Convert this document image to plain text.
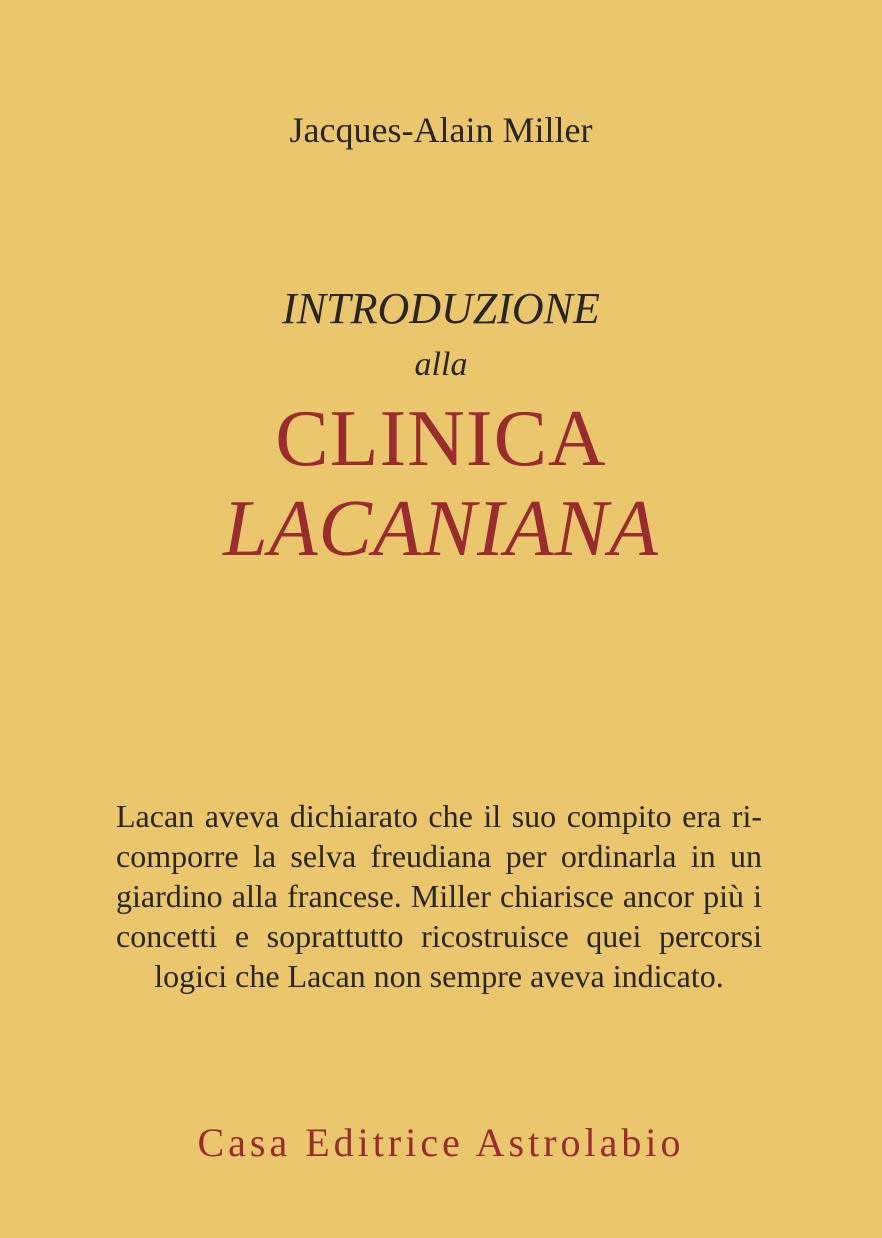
Jacques-Alain Miller
INTRODUZIONE
alla
CLINICA
LACANIANA
Lacan aveva dichiarato che il suo compito era ri-
comporre la selva freudiana per ordinarla in un
giardino alla francese. Miller chiarisce ancor più i
concetti e soprattutto ricostruisce quei percorsi
logici che Lacan non sempre aveva indicato.
Casa Editrice Astrolabio
